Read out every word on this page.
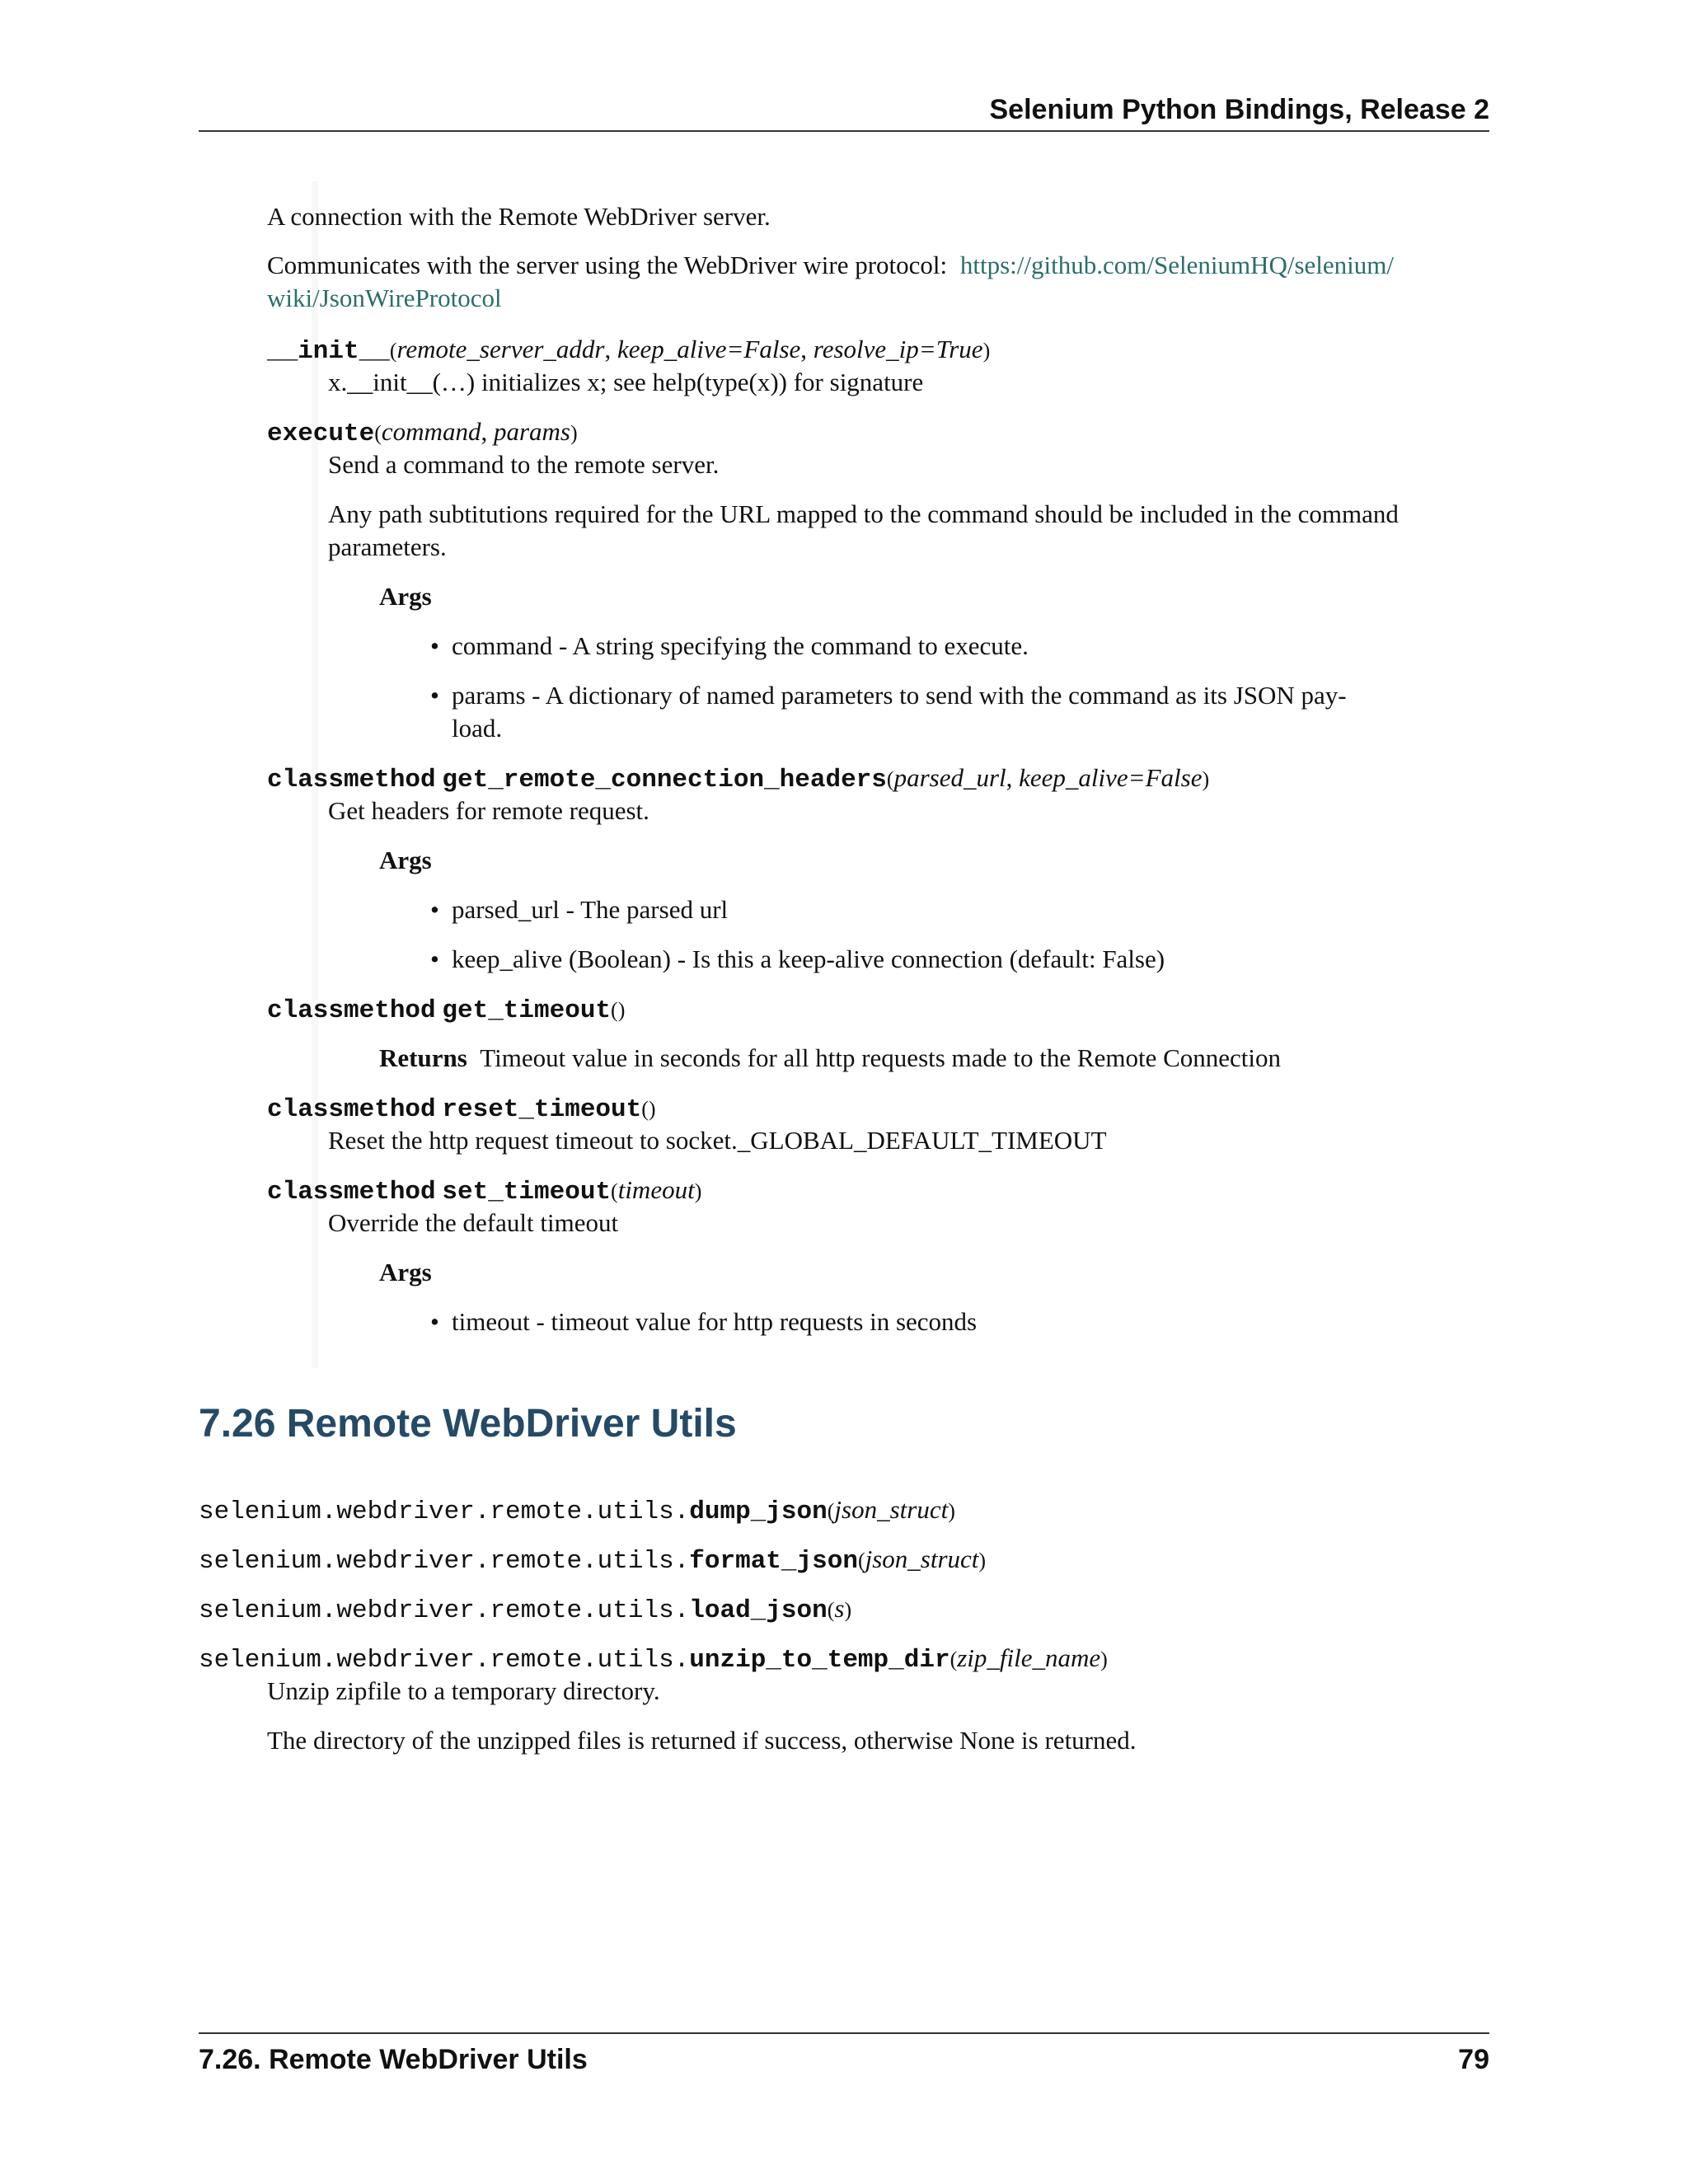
Selenium Python Bindings, Release 2
A connection with the Remote WebDriver server.
Communicates with the server using the WebDriver wire protocol: https://github.com/SeleniumHQ/selenium/
wiki/JsonWireProtocol
__init__(remote_server_addr, keep_alive=False, resolve_ip=True)
x.__init__(…) initializes x; see help(type(x)) for signature
execute(command, params)
Send a command to the remote server.
Any path subtitutions required for the URL mapped to the command should be included in the command
parameters.
Args
• command - A string specifying the command to execute.
• params - A dictionary of named parameters to send with the command as its JSON pay-
load.
classmethod get_remote_connection_headers(parsed_url, keep_alive=False)
Get headers for remote request.
Args
• parsed_url - The parsed url
• keep_alive (Boolean) - Is this a keep-alive connection (default: False)
classmethod get_timeout()
Returns Timeout value in seconds for all http requests made to the Remote Connection
classmethod reset_timeout()
Reset the http request timeout to socket._GLOBAL_DEFAULT_TIMEOUT
classmethod set_timeout(timeout)
Override the default timeout
Args
• timeout - timeout value for http requests in seconds
7.26 Remote WebDriver Utils
selenium.webdriver.remote.utils.dump_json(json_struct)
selenium.webdriver.remote.utils.format_json(json_struct)
selenium.webdriver.remote.utils.load_json(s)
selenium.webdriver.remote.utils.unzip_to_temp_dir(zip_file_name)
Unzip zipfile to a temporary directory.
The directory of the unzipped files is returned if success, otherwise None is returned.
7.26. Remote WebDriver Utils	79
